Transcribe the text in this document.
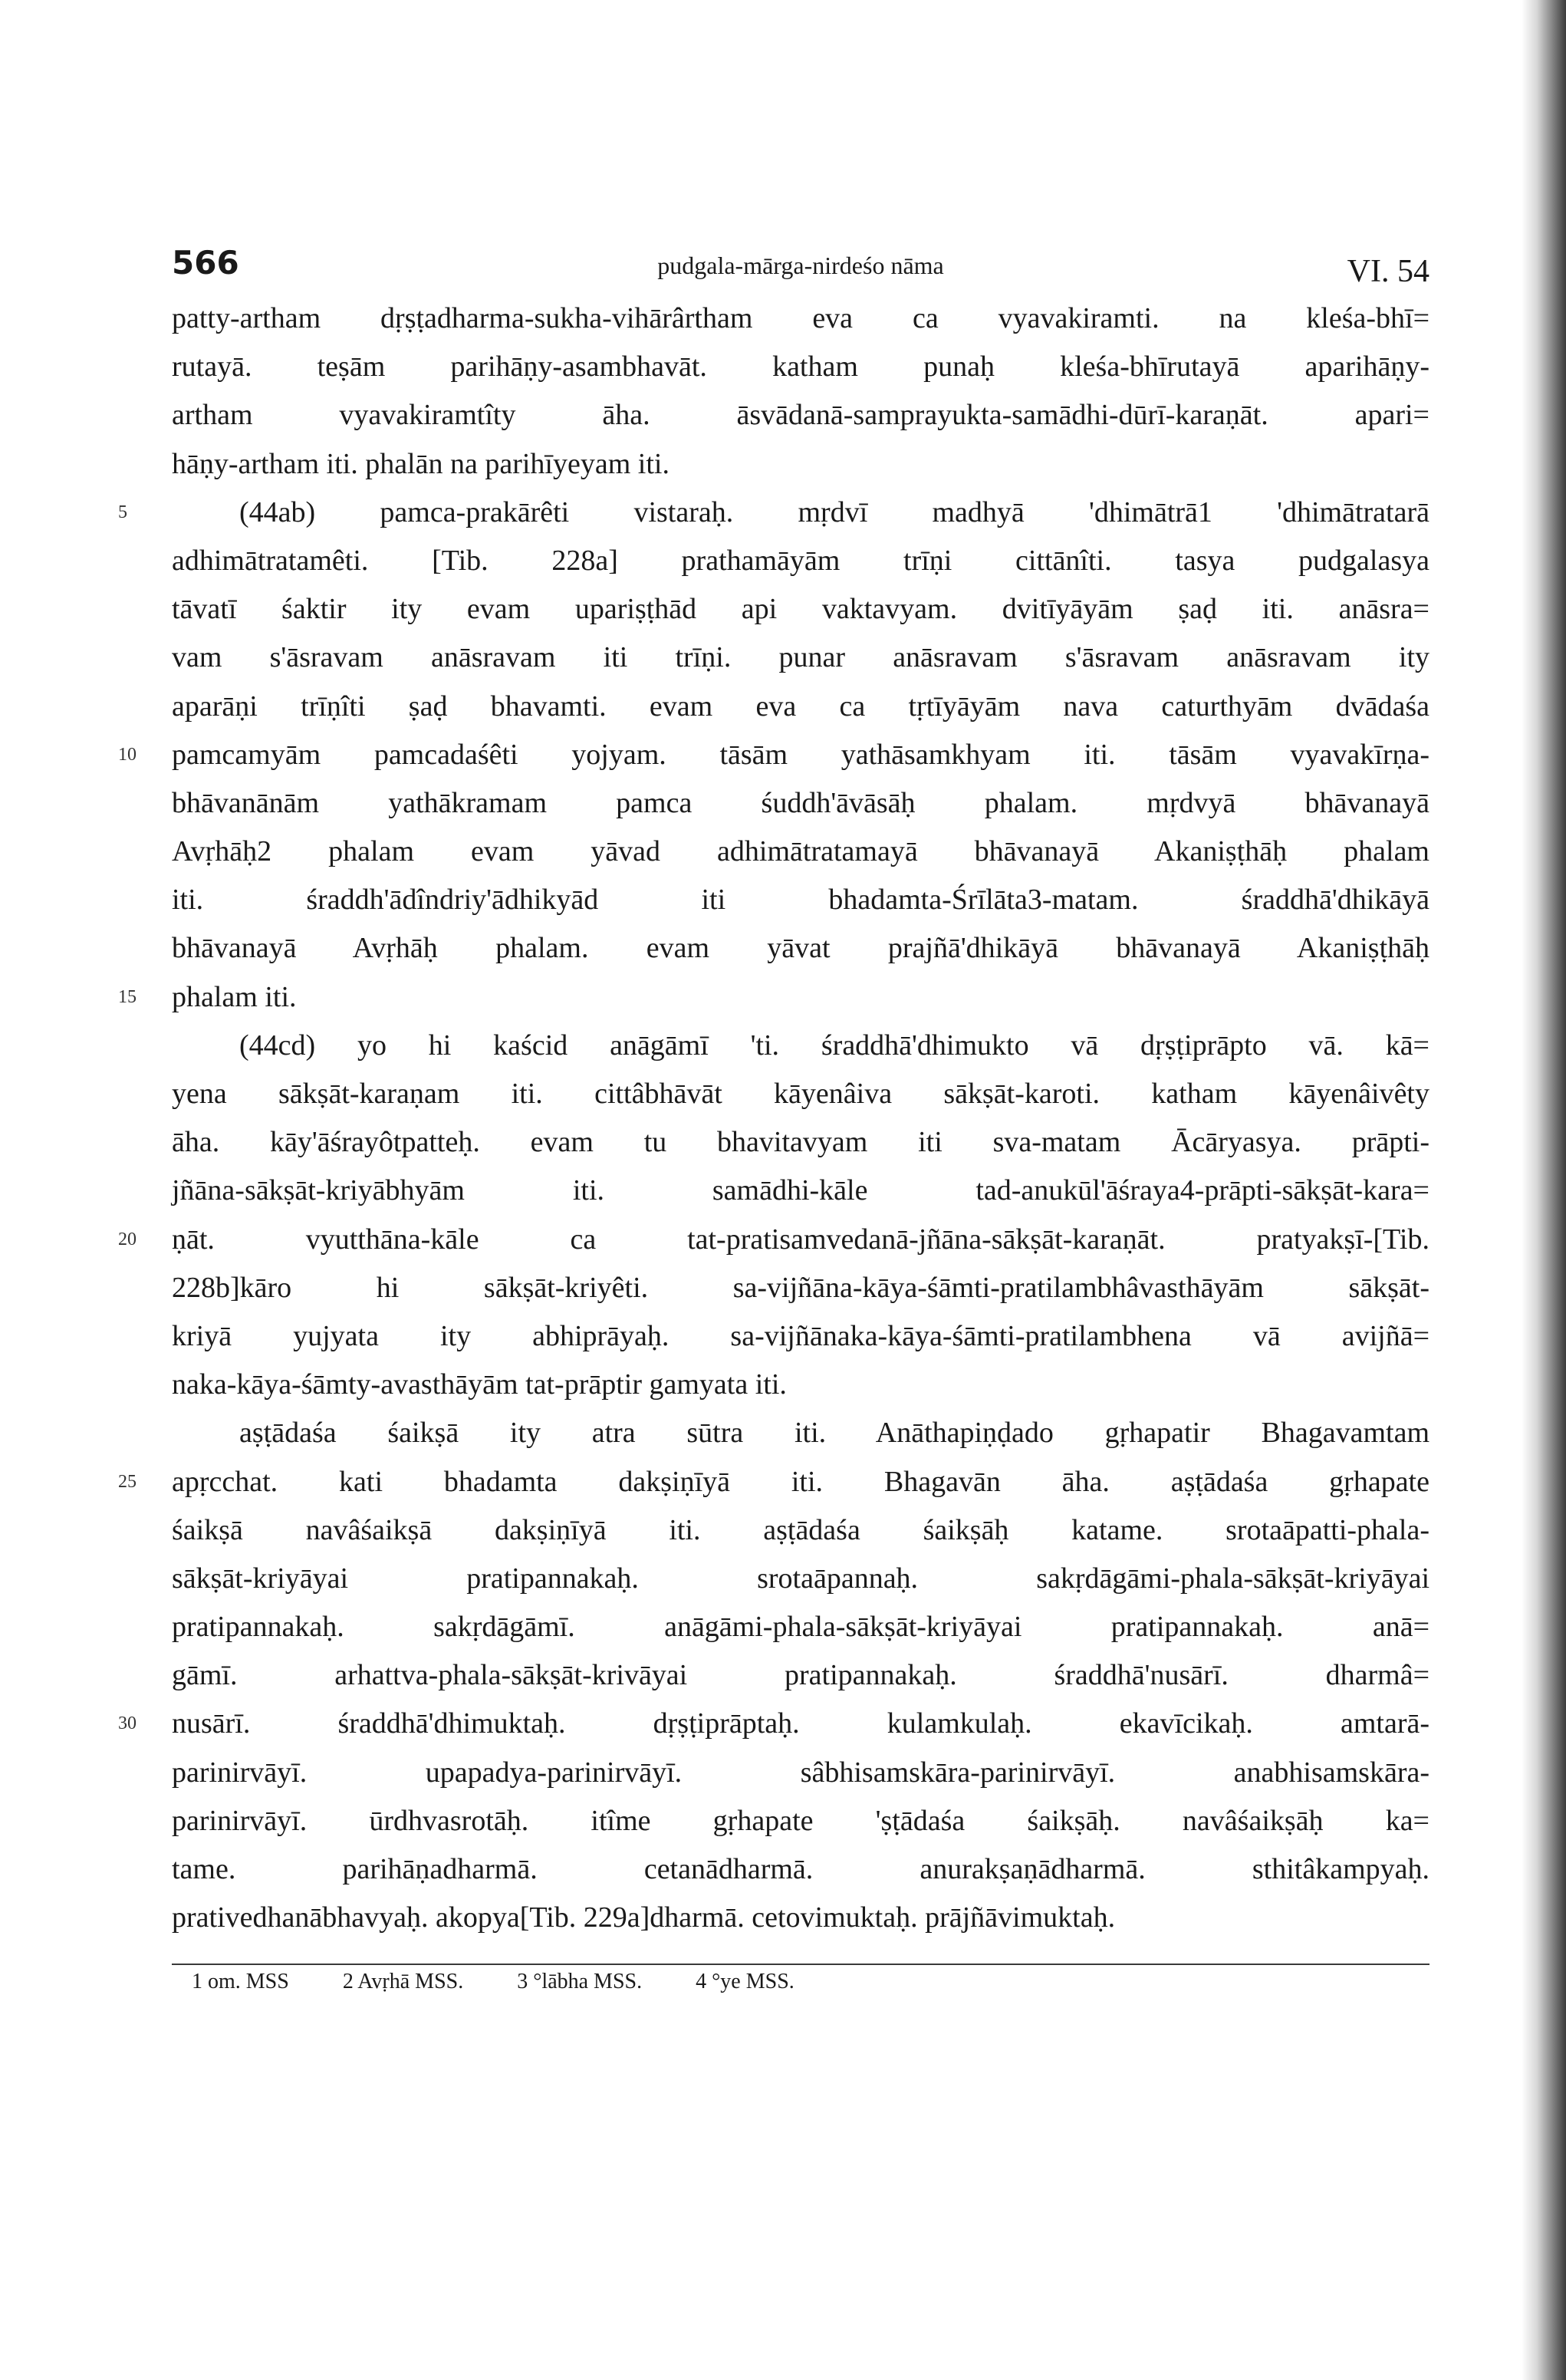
566	pudgala-mārga-nirdeśo nāma	VI. 54
patty-artham dṛṣṭadharma-sukha-vihārârtham eva ca vyavakiramti. na kleśa-bhī=
rutayā. teṣām parihāṇy-asambhavāt. katham punaḥ kleśa-bhīrutayā aparihāṇy-
artham vyavakiramtîty āha. āsvādanā-samprayukta-samādhi-dūrī-karaṇāt. apari=
hāṇy-artham iti. phalān na parihīyeyam iti.
5	(44ab) pamca-prakārêti vistaraḥ. mṛdvī madhyā 'dhimātrā1 'dhimātratarā
adhimātratamêti. [Tib. 228a] prathamāyām trīṇi cittānîti. tasya pudgalasya
tāvatī śaktir ity evam upariṣṭhād api vaktavyam. dvitīyāyām ṣaḍ iti. anāsra=
vam s'āsravam anāsravam iti trīṇi. punar anāsravam s'āsravam anāsravam ity
aparāṇi trīṇîti ṣaḍ bhavamti. evam eva ca tṛtīyāyām nava caturthyām dvādaśa
10	pamcamyām pamcadaśêti yojyam. tāsām yathāsamkhyam iti. tāsām vyavakīrṇa-
bhāvanānām yathākramam pamca śuddh'āvāsāḥ phalam. mṛdvyā bhāvanayā
Avṛhāḥ2 phalam evam yāvad adhimātratamayā bhāvanayā Akaniṣṭhāḥ phalam
iti. śraddh'ādîndriy'ādhikyād iti bhadamta-Śrīlāta3-matam. śraddhā'dhikāyā
bhāvanayā Avṛhāḥ phalam. evam yāvat prajñā'dhikāyā bhāvanayā Akaniṣṭhāḥ
15	phalam iti.
(44cd) yo hi kaścid anāgāmī 'ti. śraddhā'dhimukto vā dṛṣṭiprāpto vā. kā=
yena sākṣāt-karaṇam iti. cittâbhāvāt kāyenâiva sākṣāt-karoti. katham kāyenâivêty
āha. kāy'āśrayôtpatteḥ. evam tu bhavitavyam iti sva-matam Ācāryasya. prāpti-
jñāna-sākṣāt-kriyābhyām iti. samādhi-kāle tad-anukūl'āśraya4-prāpti-sākṣāt-kara=
20	ṇāt. vyutthāna-kāle ca tat-pratisamvedanā-jñāna-sākṣāt-karaṇāt. pratyakṣī-[Tib.
228b]kāro hi sākṣāt-kriyêti. sa-vijñāna-kāya-śāmti-pratilambhâvasthāyām sākṣāt-
kriyā yujyata ity abhiprāyaḥ. sa-vijñānaka-kāya-śāmti-pratilambhena vā avijñā=
naka-kāya-śāmty-avasthāyām tat-prāptir gamyata iti.
aṣṭādaśa śaikṣā ity atra sūtra iti. Anāthapiṇḍado gṛhapatir Bhagavamtam
25	apṛcchat. kati bhadamta dakṣiṇīyā iti. Bhagavān āha. aṣṭādaśa gṛhapate
śaikṣā navâśaikṣā dakṣiṇīyā iti. aṣṭādaśa śaikṣāḥ katame. srotaāpatti-phala-
sākṣāt-kriyāyai pratipannakaḥ. srotaāpannaḥ. sakṛdāgāmi-phala-sākṣāt-kriyāyai
pratipannakaḥ. sakṛdāgāmī. anāgāmi-phala-sākṣāt-kriyāyai pratipannakaḥ. anā=
gāmī. arhattva-phala-sākṣāt-krivāyai pratipannakaḥ. śraddhā'nusārī. dharmâ=
30	nusārī. śraddhā'dhimuktaḥ. dṛṣṭiprāptaḥ. kulamkulaḥ. ekavīcikaḥ. amtarā-
parinirvāyī. upapadya-parinirvāyī. sâbhisamskāra-parinirvāyī. anabhisamskāra-
parinirvāyī. ūrdhvasrotāḥ. itîme gṛhapate 'ṣṭādaśa śaikṣāḥ. navâśaikṣāḥ ka=
tame. parihāṇadharmā. cetanādharmā. anurakṣaṇādharmā. sthitâkampyaḥ.
prativedhanābhavyaḥ. akopya[Tib. 229a]dharmā. cetovimuktaḥ. prājñāvimuktaḥ.
1 om. MSS	2 Avṛhā MSS.	3 °lābha MSS.	4 °ye MSS.
